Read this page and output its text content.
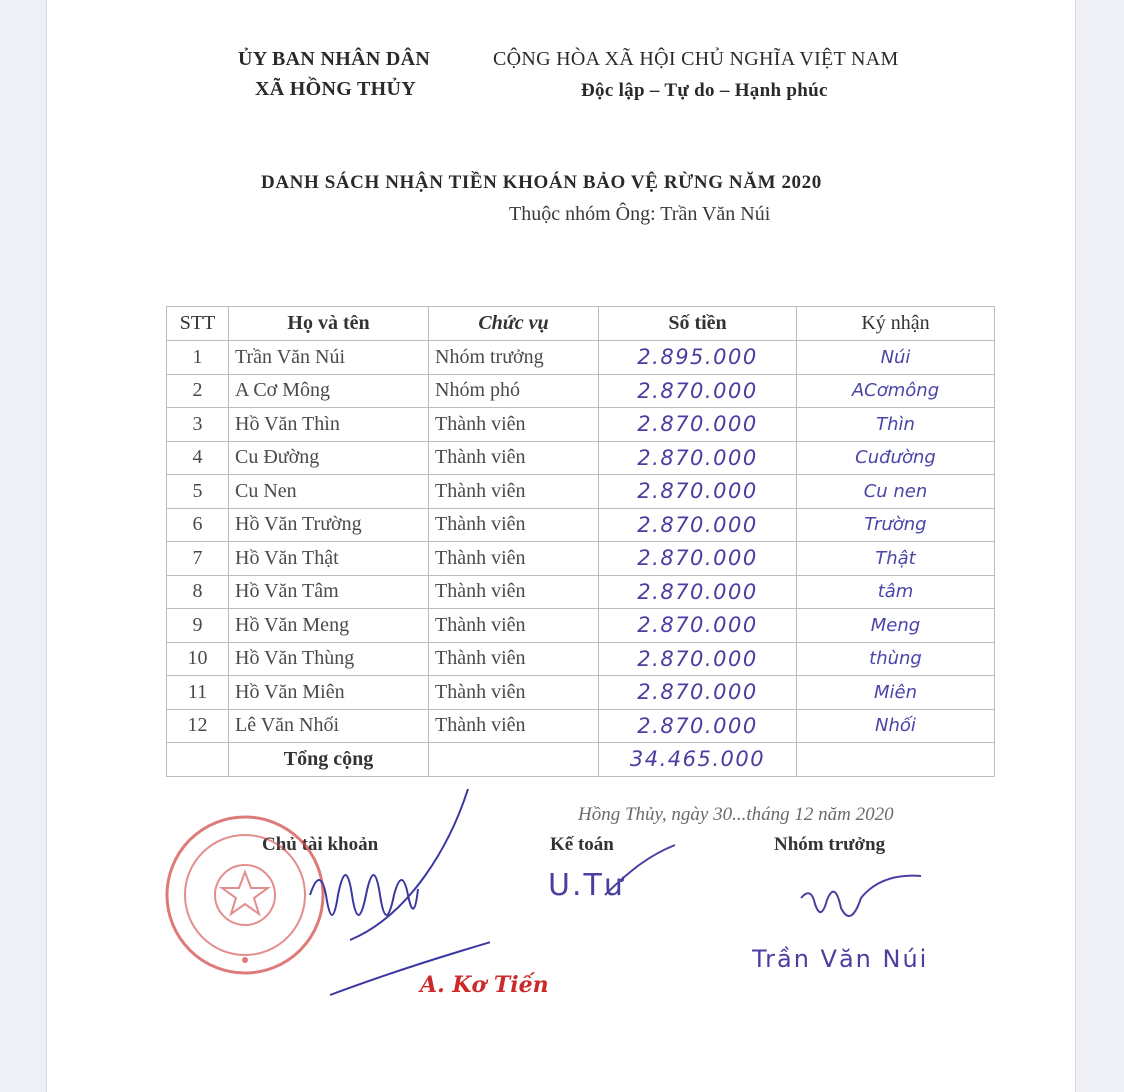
ỦY BAN NHÂN DÂN
XÃ HỒNG THỦY
CỘNG HÒA XÃ HỘI CHỦ NGHĨA VIỆT NAM
Độc lập – Tự do – Hạnh phúc
DANH SÁCH NHẬN TIỀN KHOÁN BẢO VỆ RỪNG NĂM 2020
Thuộc nhóm Ông: Trần Văn Núi
STT	Họ và tên	Chức vụ	Số tiền	Ký nhận
1	Trần Văn Núi	Nhóm trưởng	2.895.000	Núi
2	A Cơ Mông	Nhóm phó	2.870.000	ACơmông
3	Hồ Văn Thìn	Thành viên	2.870.000	Thìn
4	Cu Đường	Thành viên	2.870.000	Cuđường
5	Cu Nen	Thành viên	2.870.000	Cu nen
6	Hồ Văn Trường	Thành viên	2.870.000	Trường
7	Hồ Văn Thật	Thành viên	2.870.000	Thật
8	Hồ Văn Tâm	Thành viên	2.870.000	tâm
9	Hồ Văn Meng	Thành viên	2.870.000	Meng
10	Hồ Văn Thùng	Thành viên	2.870.000	thùng
11	Hồ Văn Miên	Thành viên	2.870.000	Miên
12	Lê Văn Nhối	Thành viên	2.870.000	Nhối
	Tổng cộng		34.465.000	
Hồng Thủy, ngày 30...tháng 12 năm 2020
Chủ tài khoản	Kế toán	Nhóm trưởng
A. Kơ Tiến
U.Tư
Trần Văn Núi
